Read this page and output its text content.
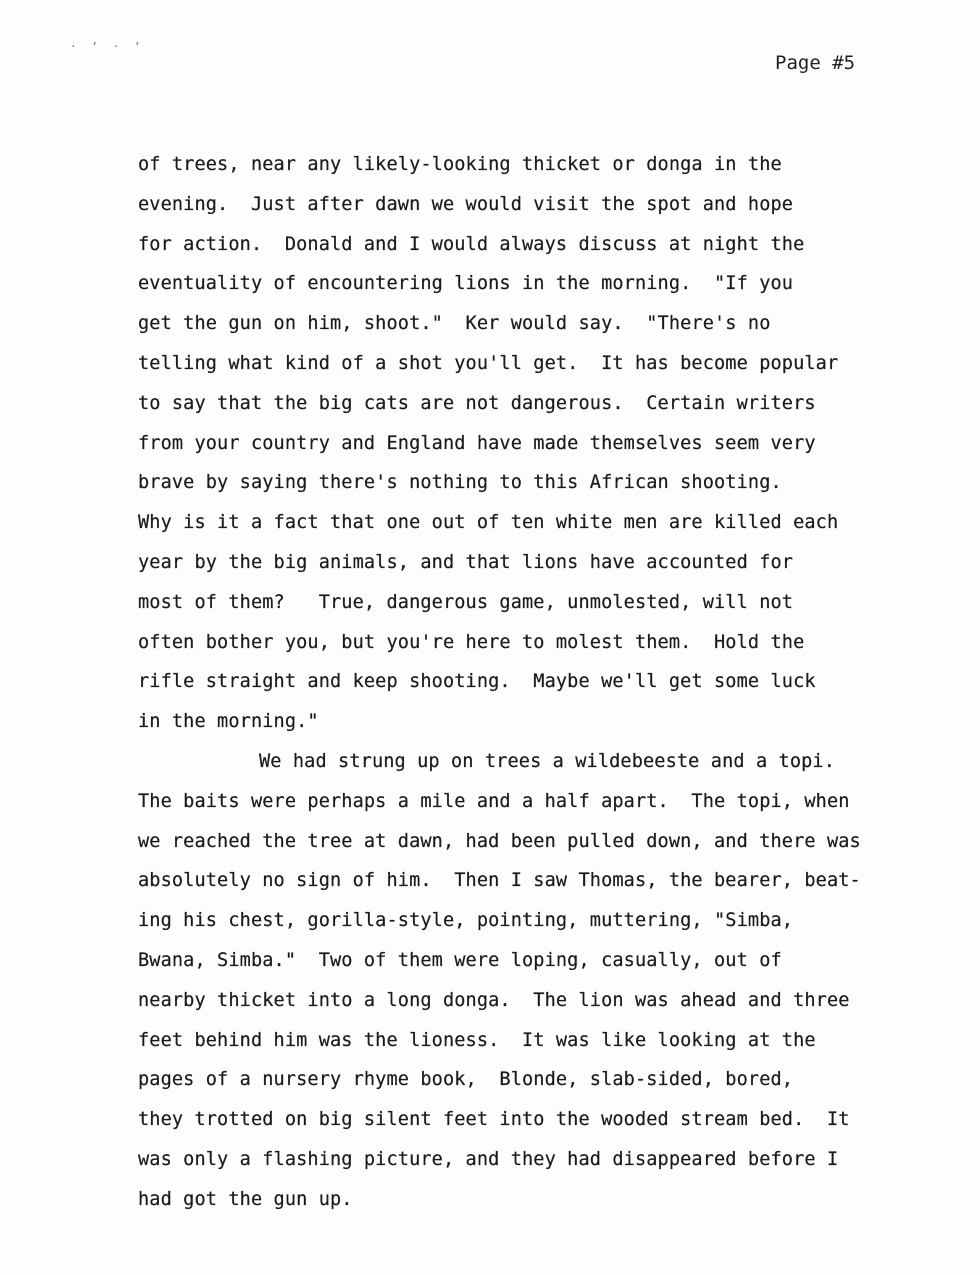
· ’ · ’
Page #5
of trees, near any likely-looking thicket or donga in the
evening.  Just after dawn we would visit the spot and hope
for action.  Donald and I would always discuss at night the
eventuality of encountering lions in the morning.  "If you
get the gun on him, shoot."  Ker would say.  "There's no
telling what kind of a shot you'll get.  It has become popular
to say that the big cats are not dangerous.  Certain writers
from your country and England have made themselves seem very
brave by saying there's nothing to this African shooting.
Why is it a fact that one out of ten white men are killed each
year by the big animals, and that lions have accounted for
most of them?   True, dangerous game, unmolested, will not
often bother you, but you're here to molest them.  Hold the
rifle straight and keep shooting.  Maybe we'll get some luck
in the morning."
We had strung up on trees a wildebeeste and a topi.
The baits were perhaps a mile and a half apart.  The topi, when
we reached the tree at dawn, had been pulled down, and there was
absolutely no sign of him.  Then I saw Thomas, the bearer, beat-
ing his chest, gorilla-style, pointing, muttering, "Simba,
Bwana, Simba."  Two of them were loping, casually, out of
nearby thicket into a long donga.  The lion was ahead and three
feet behind him was the lioness.  It was like looking at the
pages of a nursery rhyme book,  Blonde, slab-sided, bored,
they trotted on big silent feet into the wooded stream bed.  It
was only a flashing picture, and they had disappeared before I
had got the gun up.
